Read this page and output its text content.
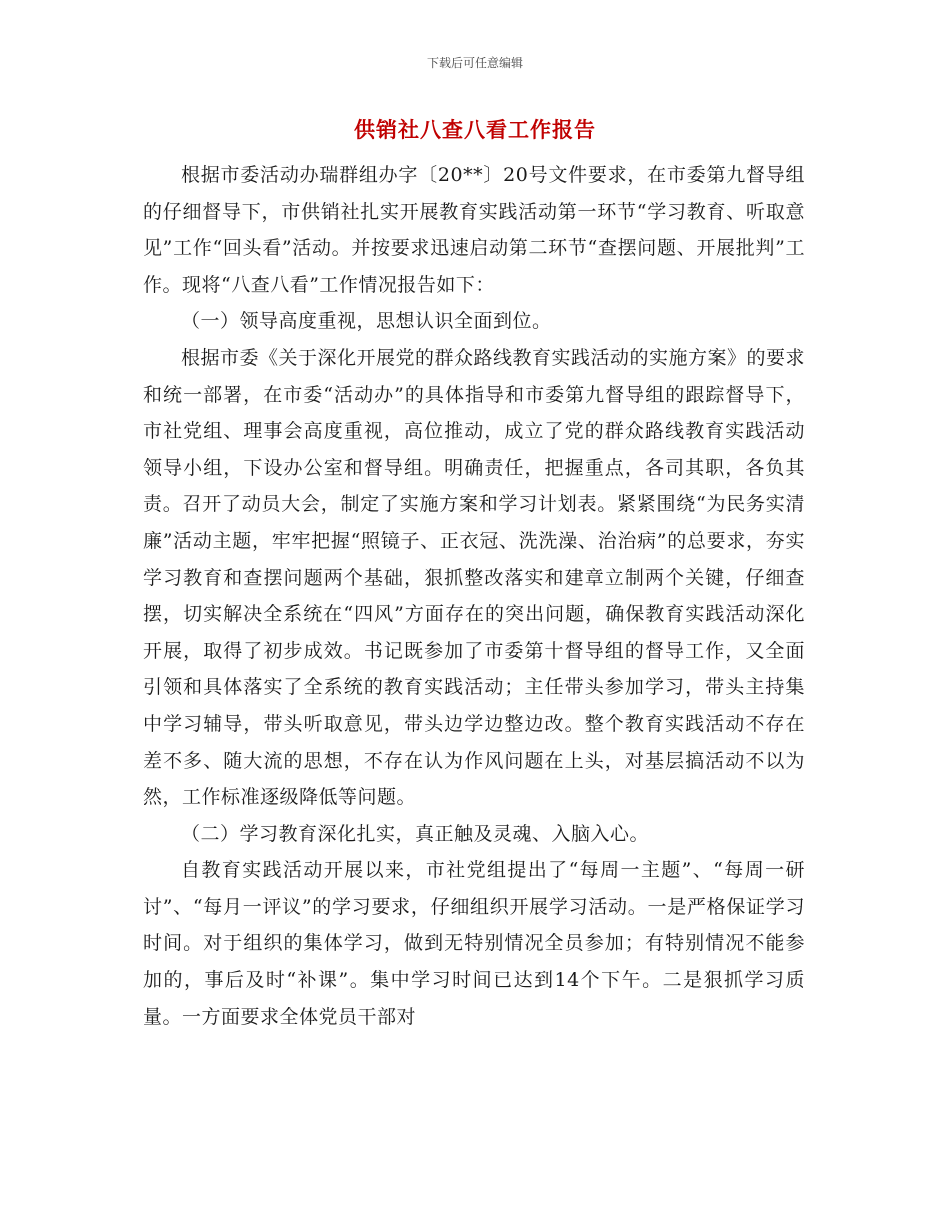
下载后可任意编辑
供销社八查八看工作报告

根据市委活动办瑞群组办字〔20**〕20号文件要求，在市委第九督导组的仔细督导下，市供销社扎实开展教育实践活动第一环节“学习教育、听取意见”工作“回头看”活动。并按要求迅速启动第二环节“查摆问题、开展批判”工作。现将“八查八看”工作情况报告如下：

（一）领导高度重视，思想认识全面到位。

根据市委《关于深化开展党的群众路线教育实践活动的实施方案》的要求和统一部署，在市委“活动办”的具体指导和市委第九督导组的跟踪督导下，市社党组、理事会高度重视，高位推动，成立了党的群众路线教育实践活动领导小组，下设办公室和督导组。明确责任，把握重点，各司其职，各负其责。召开了动员大会，制定了实施方案和学习计划表。紧紧围绕“为民务实清廉”活动主题，牢牢把握“照镜子、正衣冠、洗洗澡、治治病”的总要求，夯实学习教育和查摆问题两个基础，狠抓整改落实和建章立制两个关键，仔细查摆，切实解决全系统在“四风”方面存在的突出问题，确保教育实践活动深化开展，取得了初步成效。书记既参加了市委第十督导组的督导工作，又全面引领和具体落实了全系统的教育实践活动；主任带头参加学习，带头主持集中学习辅导，带头听取意见，带头边学边整边改。整个教育实践活动不存在差不多、随大流的思想，不存在认为作风问题在上头，对基层搞活动不以为然，工作标准逐级降低等问题。

（二）学习教育深化扎实，真正触及灵魂、入脑入心。

自教育实践活动开展以来，市社党组提出了“每周一主题”、“每周一研讨”、“每月一评议”的学习要求，仔细组织开展学习活动。一是严格保证学习时间。对于组织的集体学习，做到无特别情况全员参加；有特别情况不能参加的，事后及时“补课”。集中学习时间已达到14个下午。二是狠抓学习质量。一方面要求全体党员干部对
